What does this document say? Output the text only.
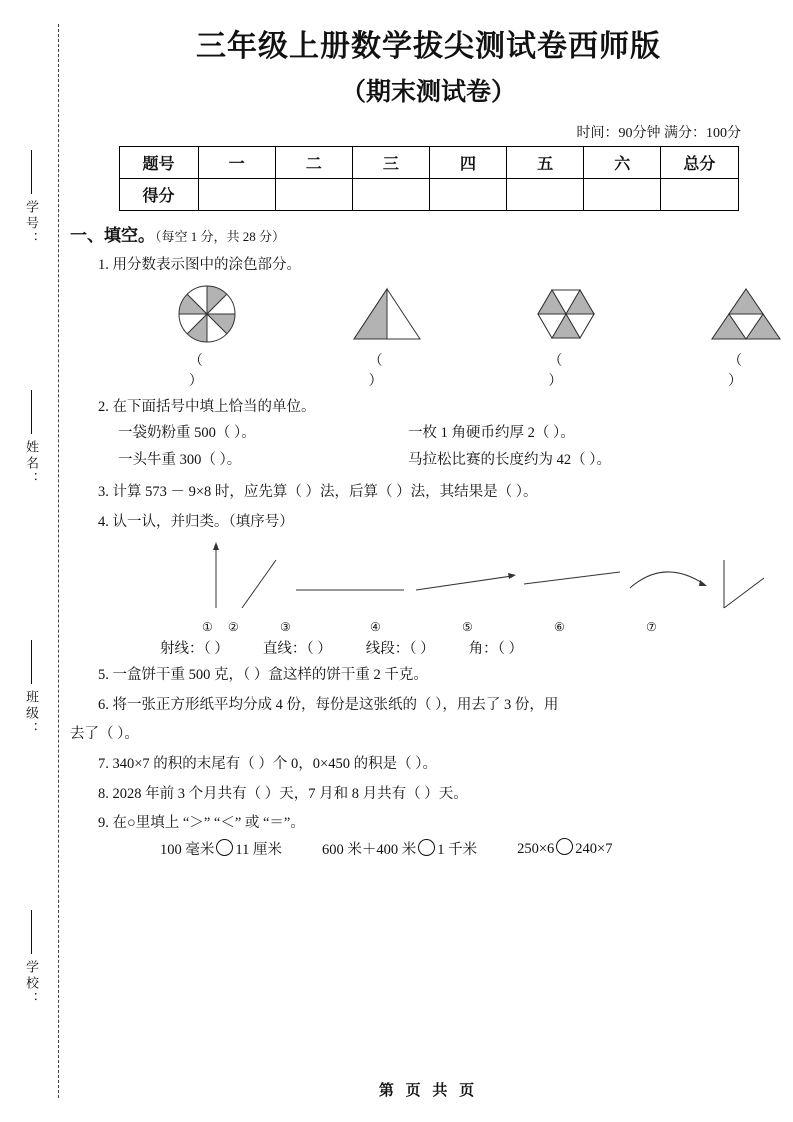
学号：
姓名：
班级：
学校：
三年级上册数学拔尖测试卷西师版
（期末测试卷）
时间：90分钟 满分：100分
题号	一	二	三	四	五	六	总分
得分							
一、填空。（每空 1 分，共 28 分）
1. 用分数表示图中的涂色部分。
（ ）
（ ）
（ ）
（ ）
2. 在下面括号中填上恰当的单位。
一袋奶粉重 500（ ）。	一枚 1 角硬币约厚 2（ ）。
一头牛重 300（ ）。	马拉松比赛的长度约为 42（ ）。
3. 计算 573 － 9×8 时，应先算（ ）法，后算（ ）法，其结果是（ ）。
4. 认一认，并归类。（填序号）
①	②	③	④	⑤	⑥	⑦
射线：（ ） 直线：（ ） 线段：（ ） 角：（ ）
5. 一盒饼干重 500 克，（ ）盒这样的饼干重 2 千克。
6. 将一张正方形纸平均分成 4 份，每份是这张纸的（ ），用去了 3 份，用
去了（ ）。
7. 340×7 的积的末尾有（ ）个 0，0×450 的积是（ ）。
8. 2028 年前 3 个月共有（ ）天，7 月和 8 月共有（ ）天。
9. 在○里填上 “＞” “＜” 或 “＝”。
100 毫米 11 厘米	600 米＋400 米 1 千米	250×6 240×7
第 页 共 页
